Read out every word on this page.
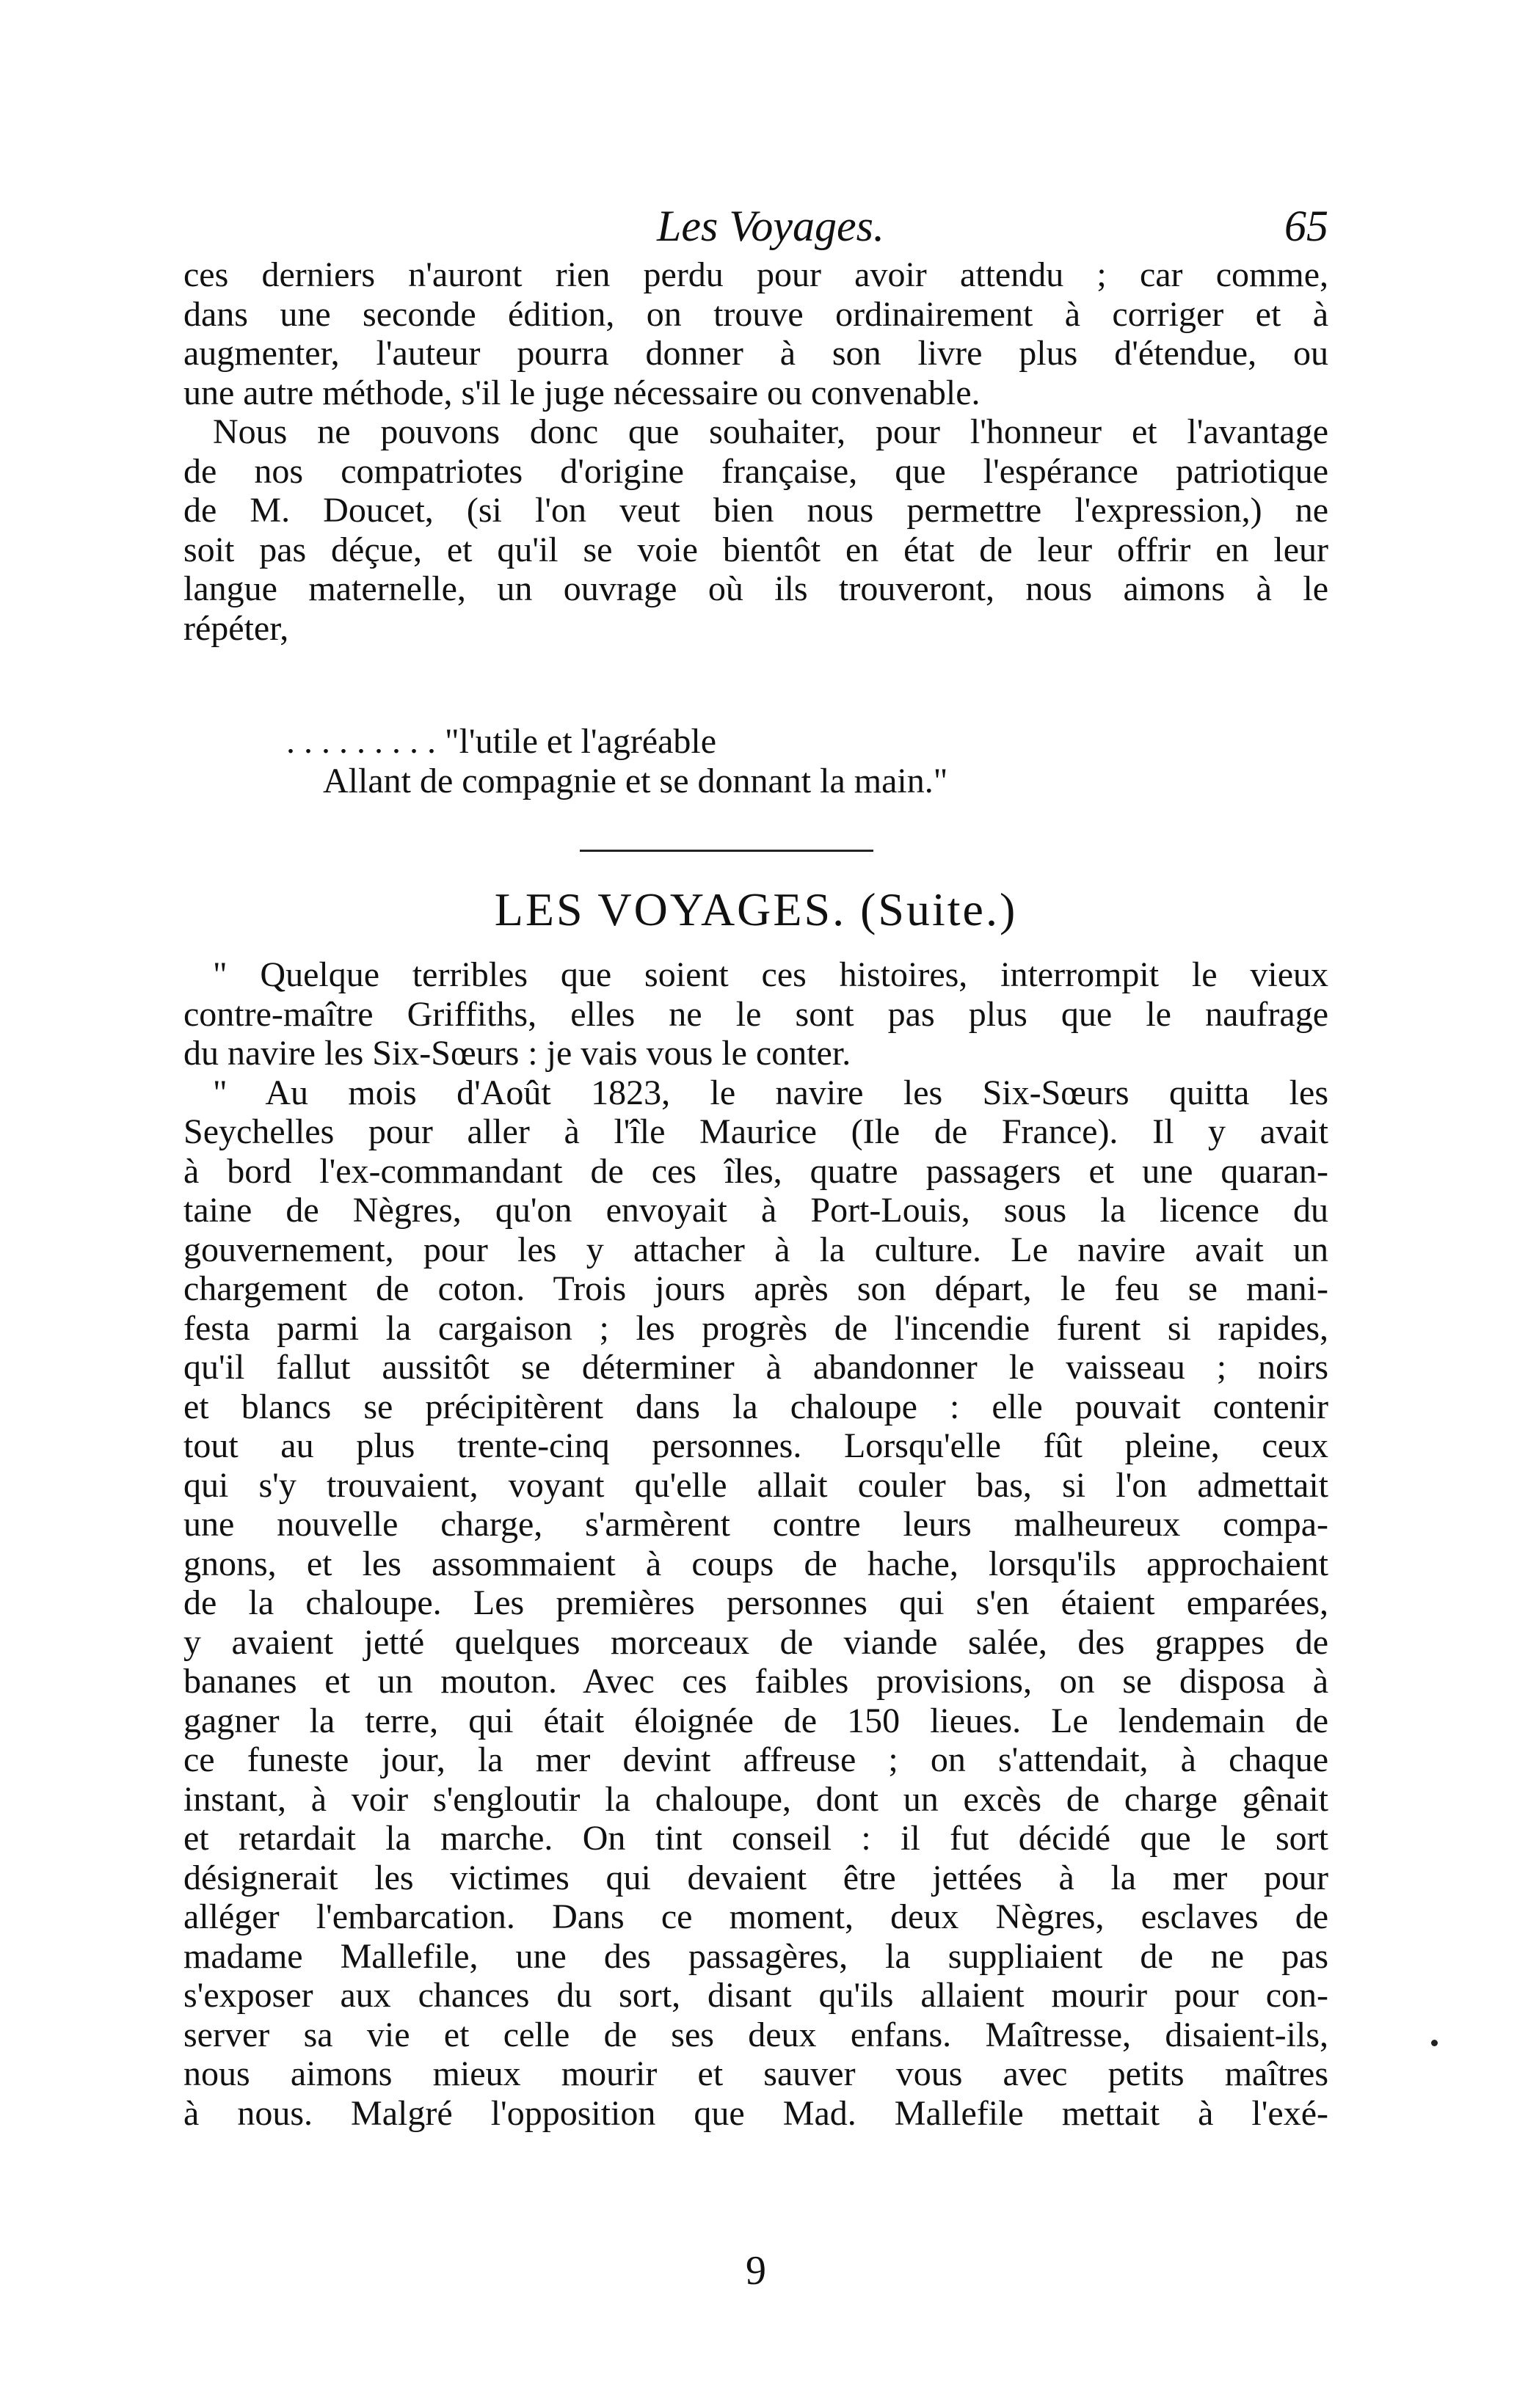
Les Voyages.	65
ces derniers n'auront rien perdu pour avoir attendu ; car comme,
dans une seconde édition, on trouve ordinairement à corriger et à
augmenter, l'auteur pourra donner à son livre plus d'étendue, ou
une autre méthode, s'il le juge nécessaire ou convenable.
Nous ne pouvons donc que souhaiter, pour l'honneur et l'avantage
de nos compatriotes d'origine française, que l'espérance patriotique
de M. Doucet, (si l'on veut bien nous permettre l'expression,) ne
soit pas déçue, et qu'il se voie bientôt en état de leur offrir en leur
langue maternelle, un ouvrage où ils trouveront, nous aimons à le
répéter,
. . . . . . . . . "l'utile et l'agréable
Allant de compagnie et se donnant la main."
LES VOYAGES. (Suite.)
" Quelque terribles que soient ces histoires, interrompit le vieux
contre-maître Griffiths, elles ne le sont pas plus que le naufrage
du navire les Six-Sœurs : je vais vous le conter.
" Au mois d'Août 1823, le navire les Six-Sœurs quitta les
Seychelles pour aller à l'île Maurice (Ile de France). Il y avait
à bord l'ex-commandant de ces îles, quatre passagers et une quaran-
taine de Nègres, qu'on envoyait à Port-Louis, sous la licence du
gouvernement, pour les y attacher à la culture. Le navire avait un
chargement de coton. Trois jours après son départ, le feu se mani-
festa parmi la cargaison ; les progrès de l'incendie furent si rapides,
qu'il fallut aussitôt se déterminer à abandonner le vaisseau ; noirs
et blancs se précipitèrent dans la chaloupe : elle pouvait contenir
tout au plus trente-cinq personnes. Lorsqu'elle fût pleine, ceux
qui s'y trouvaient, voyant qu'elle allait couler bas, si l'on admettait
une nouvelle charge, s'armèrent contre leurs malheureux compa-
gnons, et les assommaient à coups de hache, lorsqu'ils approchaient
de la chaloupe. Les premières personnes qui s'en étaient emparées,
y avaient jetté quelques morceaux de viande salée, des grappes de
bananes et un mouton. Avec ces faibles provisions, on se disposa à
gagner la terre, qui était éloignée de 150 lieues. Le lendemain de
ce funeste jour, la mer devint affreuse ; on s'attendait, à chaque
instant, à voir s'engloutir la chaloupe, dont un excès de charge gênait
et retardait la marche. On tint conseil : il fut décidé que le sort
désignerait les victimes qui devaient être jettées à la mer pour
alléger l'embarcation. Dans ce moment, deux Nègres, esclaves de
madame Mallefile, une des passagères, la suppliaient de ne pas
s'exposer aux chances du sort, disant qu'ils allaient mourir pour con-
server sa vie et celle de ses deux enfans. Maîtresse, disaient-ils,
nous aimons mieux mourir et sauver vous avec petits maîtres
à nous. Malgré l'opposition que Mad. Mallefile mettait à l'exé-
9
